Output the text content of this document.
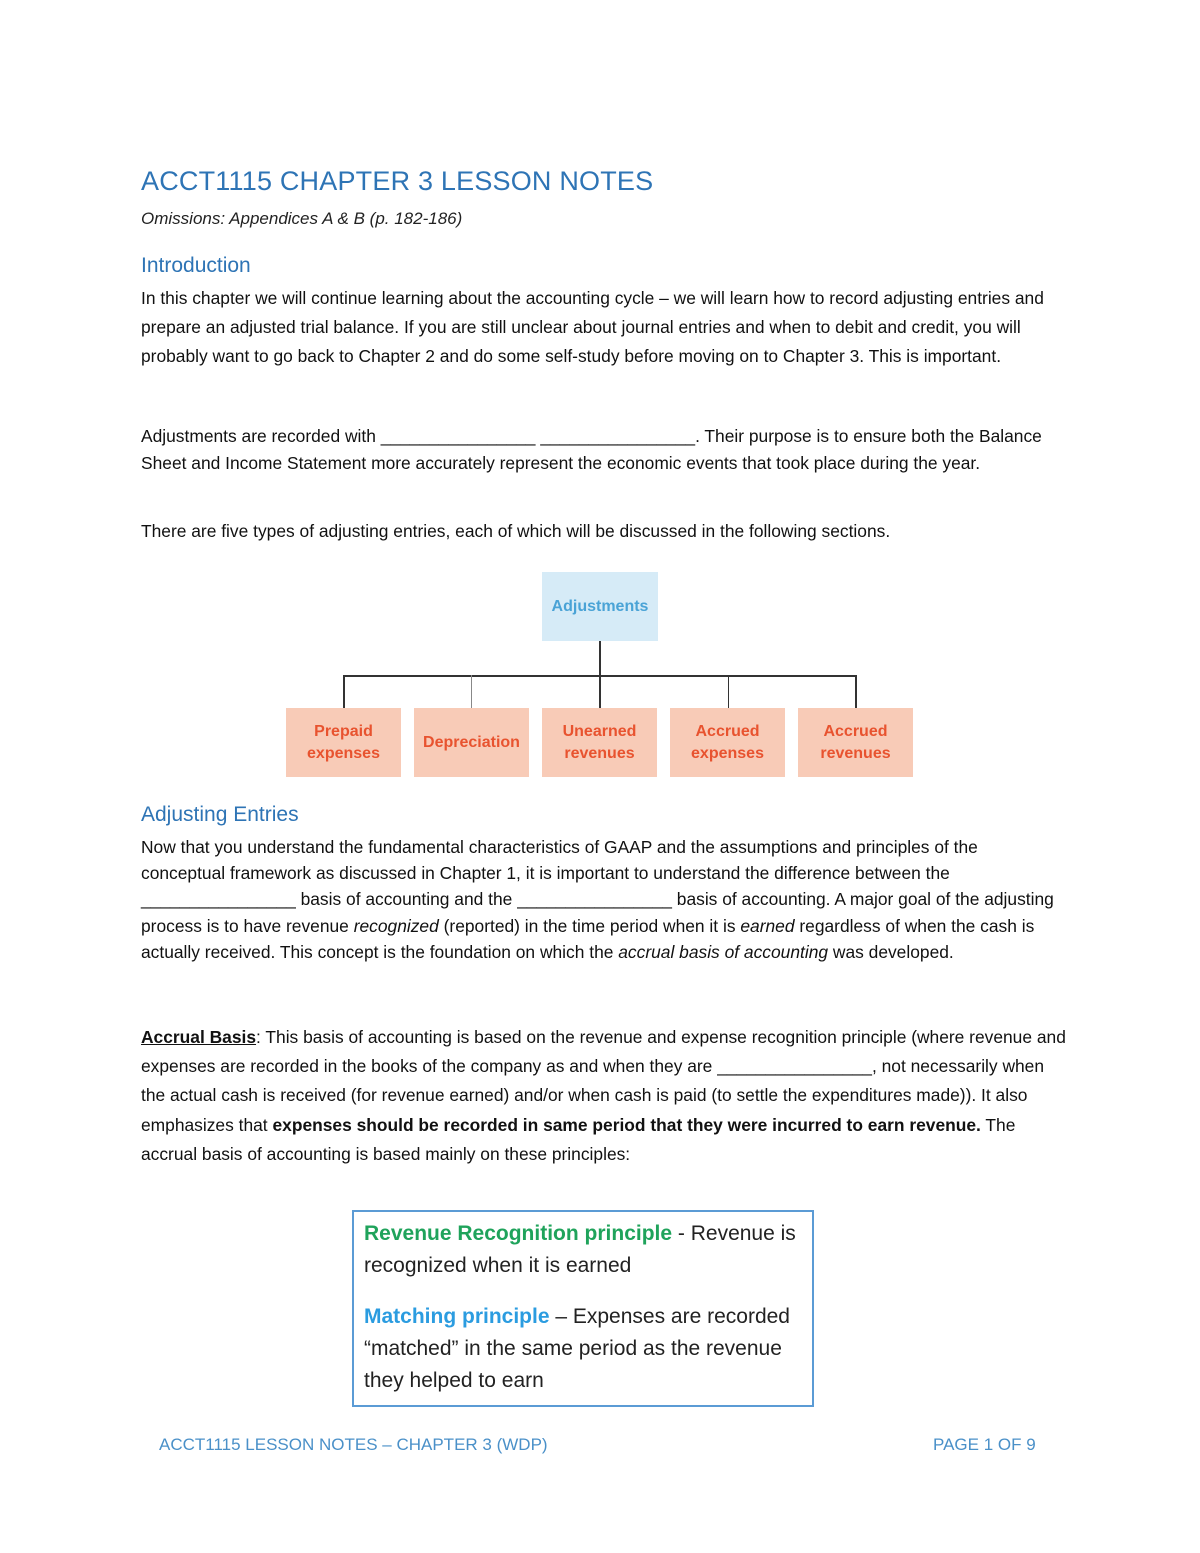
ACCT1115 CHAPTER 3 LESSON NOTES
Omissions: Appendices A & B (p. 182-186)
Introduction

In this chapter we will continue learning about the accounting cycle – we will learn how to record adjusting entries and prepare an adjusted trial balance. If you are still unclear about journal entries and when to debit and credit, you will probably want to go back to Chapter 2 and do some self-study before moving on to Chapter 3. This is important.

Adjustments are recorded with ________________ ________________. Their purpose is to ensure both the Balance Sheet and Income Statement more accurately represent the economic events that took place during the year.

There are five types of adjusting entries, each of which will be discussed in the following sections.

Adjustments
Prepaid
expenses
Depreciation
Unearned
revenues
Accrued
expenses
Accrued
revenues
Adjusting Entries

Now that you understand the fundamental characteristics of GAAP and the assumptions and principles of the conceptual framework as discussed in Chapter 1, it is important to understand the difference between the ________________ basis of accounting and the ________________ basis of accounting. A major goal of the adjusting process is to have revenue recognized (reported) in the time period when it is earned regardless of when the cash is actually received. This concept is the foundation on which the accrual basis of accounting was developed.

Accrual Basis: This basis of accounting is based on the revenue and expense recognition principle (where revenue and expenses are recorded in the books of the company as and when they are ________________, not necessarily when the actual cash is received (for revenue earned) and/or when cash is paid (to settle the expenditures made)). It also emphasizes that expenses should be recorded in same period that they were incurred to earn revenue. The accrual basis of accounting is based mainly on these principles:

Revenue Recognition principle - Revenue is recognized when it is earned

Matching principle – Expenses are recorded “matched” in the same period as the revenue they helped to earn

ACCT1115 LESSON NOTES – CHAPTER 3 (WDP)	PAGE 1 OF 9
